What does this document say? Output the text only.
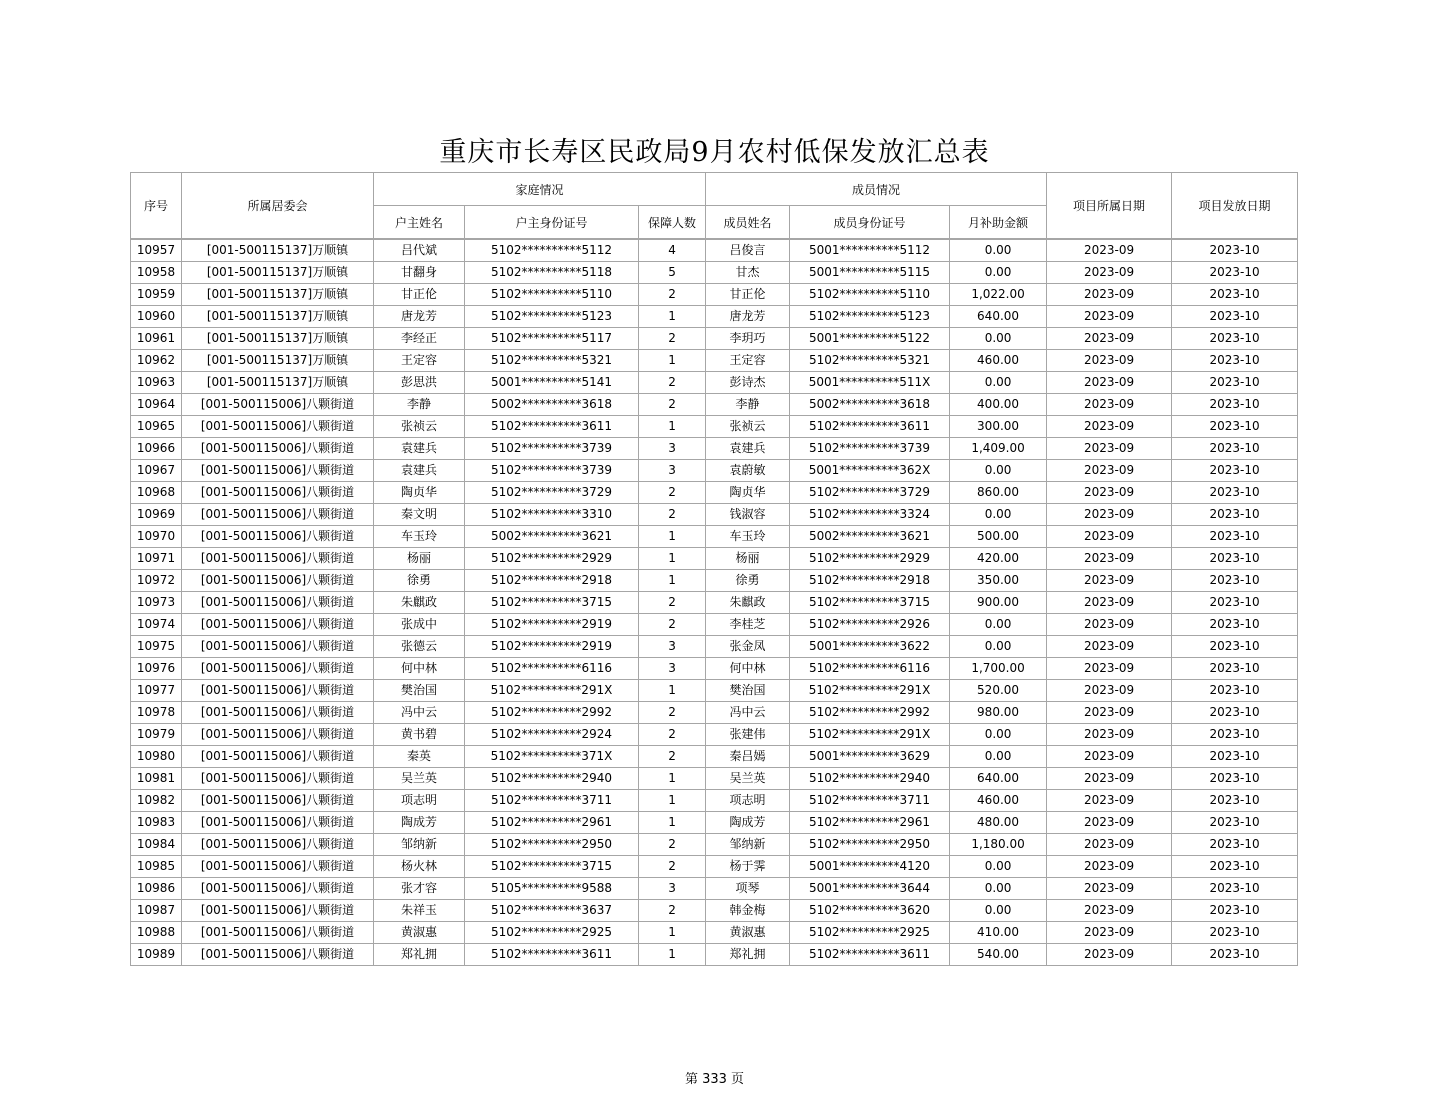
重庆市长寿区民政局9月农村低保发放汇总表
序号	所属居委会	家庭情况			成员情况			项目所属日期	项目发放日期
		户主姓名	户主身份证号	保障人数	成员姓名	成员身份证号	月补助金额		
10957	[001-500115137]万顺镇	吕代斌	5102**********5112	4	吕俊言	5001**********5112	0.00	2023-09	2023-10
10958	[001-500115137]万顺镇	甘翻身	5102**********5118	5	甘杰	5001**********5115	0.00	2023-09	2023-10
10959	[001-500115137]万顺镇	甘正伦	5102**********5110	2	甘正伦	5102**********5110	1,022.00	2023-09	2023-10
10960	[001-500115137]万顺镇	唐龙芳	5102**********5123	1	唐龙芳	5102**********5123	640.00	2023-09	2023-10
10961	[001-500115137]万顺镇	李经正	5102**********5117	2	李玥巧	5001**********5122	0.00	2023-09	2023-10
10962	[001-500115137]万顺镇	王定容	5102**********5321	1	王定容	5102**********5321	460.00	2023-09	2023-10
10963	[001-500115137]万顺镇	彭思洪	5001**********5141	2	彭诗杰	5001**********511X	0.00	2023-09	2023-10
10964	[001-500115006]八颗街道	李静	5002**********3618	2	李静	5002**********3618	400.00	2023-09	2023-10
10965	[001-500115006]八颗街道	张祯云	5102**********3611	1	张祯云	5102**********3611	300.00	2023-09	2023-10
10966	[001-500115006]八颗街道	袁建兵	5102**********3739	3	袁建兵	5102**********3739	1,409.00	2023-09	2023-10
10967	[001-500115006]八颗街道	袁建兵	5102**********3739	3	袁蔚敏	5001**********362X	0.00	2023-09	2023-10
10968	[001-500115006]八颗街道	陶贞华	5102**********3729	2	陶贞华	5102**********3729	860.00	2023-09	2023-10
10969	[001-500115006]八颗街道	秦文明	5102**********3310	2	钱淑容	5102**********3324	0.00	2023-09	2023-10
10970	[001-500115006]八颗街道	车玉玲	5002**********3621	1	车玉玲	5002**********3621	500.00	2023-09	2023-10
10971	[001-500115006]八颗街道	杨丽	5102**********2929	1	杨丽	5102**********2929	420.00	2023-09	2023-10
10972	[001-500115006]八颗街道	徐勇	5102**********2918	1	徐勇	5102**********2918	350.00	2023-09	2023-10
10973	[001-500115006]八颗街道	朱麒政	5102**********3715	2	朱麒政	5102**********3715	900.00	2023-09	2023-10
10974	[001-500115006]八颗街道	张成中	5102**********2919	2	李桂芝	5102**********2926	0.00	2023-09	2023-10
10975	[001-500115006]八颗街道	张德云	5102**********2919	3	张金凤	5001**********3622	0.00	2023-09	2023-10
10976	[001-500115006]八颗街道	何中林	5102**********6116	3	何中林	5102**********6116	1,700.00	2023-09	2023-10
10977	[001-500115006]八颗街道	樊治国	5102**********291X	1	樊治国	5102**********291X	520.00	2023-09	2023-10
10978	[001-500115006]八颗街道	冯中云	5102**********2992	2	冯中云	5102**********2992	980.00	2023-09	2023-10
10979	[001-500115006]八颗街道	黄书碧	5102**********2924	2	张建伟	5102**********291X	0.00	2023-09	2023-10
10980	[001-500115006]八颗街道	秦英	5102**********371X	2	秦吕嫣	5001**********3629	0.00	2023-09	2023-10
10981	[001-500115006]八颗街道	吴兰英	5102**********2940	1	吴兰英	5102**********2940	640.00	2023-09	2023-10
10982	[001-500115006]八颗街道	项志明	5102**********3711	1	项志明	5102**********3711	460.00	2023-09	2023-10
10983	[001-500115006]八颗街道	陶成芳	5102**********2961	1	陶成芳	5102**********2961	480.00	2023-09	2023-10
10984	[001-500115006]八颗街道	邹纳新	5102**********2950	2	邹纳新	5102**********2950	1,180.00	2023-09	2023-10
10985	[001-500115006]八颗街道	杨火林	5102**********3715	2	杨于霁	5001**********4120	0.00	2023-09	2023-10
10986	[001-500115006]八颗街道	张才容	5105**********9588	3	项琴	5001**********3644	0.00	2023-09	2023-10
10987	[001-500115006]八颗街道	朱祥玉	5102**********3637	2	韩金梅	5102**********3620	0.00	2023-09	2023-10
10988	[001-500115006]八颗街道	黄淑惠	5102**********2925	1	黄淑惠	5102**********2925	410.00	2023-09	2023-10
10989	[001-500115006]八颗街道	郑礼拥	5102**********3611	1	郑礼拥	5102**********3611	540.00	2023-09	2023-10
第 333 页
